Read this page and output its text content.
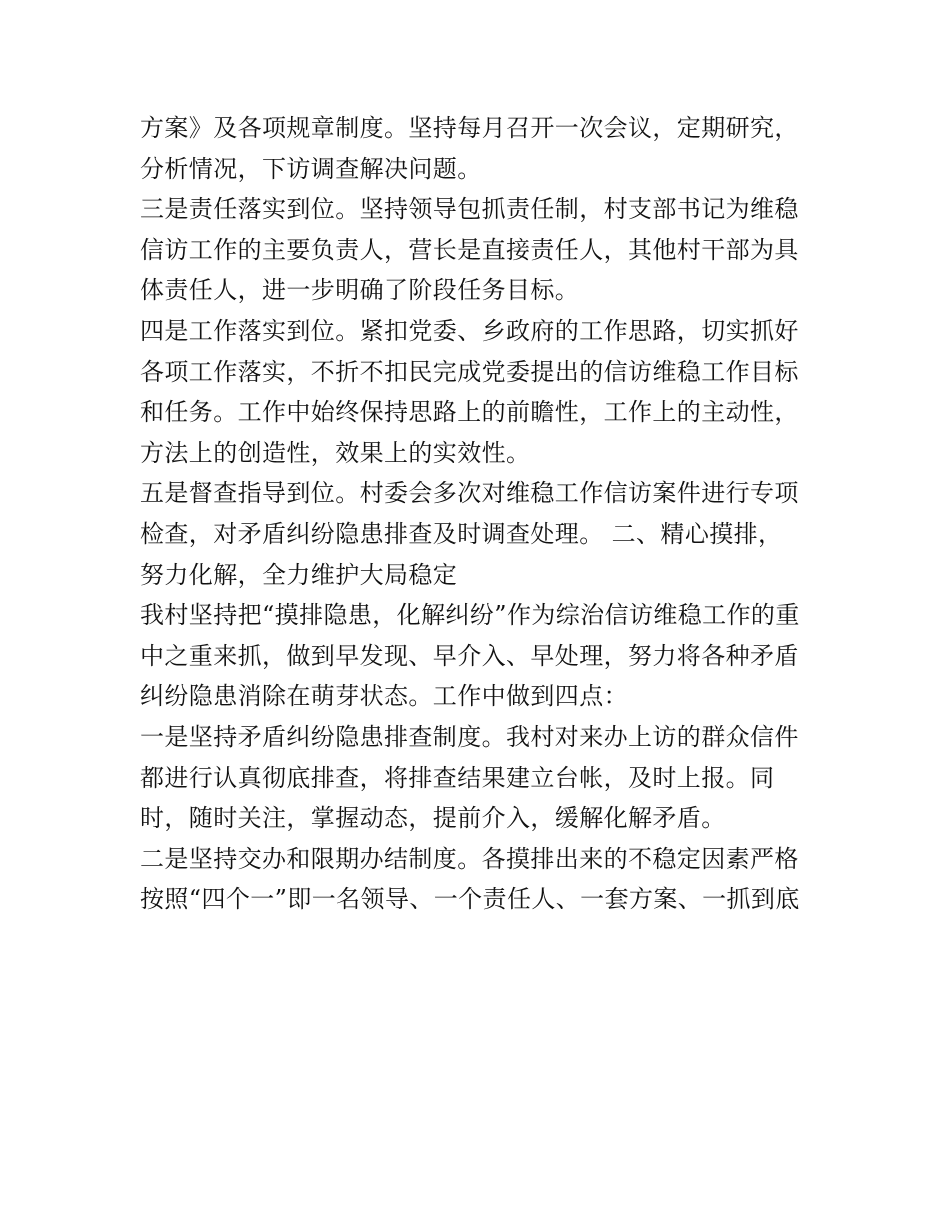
方案》及各项规章制度。坚持每月召开一次会议，定期研究，
分析情况，下访调查解决问题。
三是责任落实到位。坚持领导包抓责任制，村支部书记为维稳
信访工作的主要负责人，营长是直接责任人，其他村干部为具
体责任人，进一步明确了阶段任务目标。
四是工作落实到位。紧扣党委、乡政府的工作思路，切实抓好
各项工作落实，不折不扣民完成党委提出的信访维稳工作目标
和任务。工作中始终保持思路上的前瞻性，工作上的主动性，
方法上的创造性，效果上的实效性。
五是督查指导到位。村委会多次对维稳工作信访案件进行专项
检查，对矛盾纠纷隐患排查及时调查处理。 二、精心摸排，
努力化解，全力维护大局稳定
我村坚持把“摸排隐患，化解纠纷”作为综治信访维稳工作的重
中之重来抓，做到早发现、早介入、早处理，努力将各种矛盾
纠纷隐患消除在萌芽状态。工作中做到四点：
一是坚持矛盾纠纷隐患排查制度。我村对来办上访的群众信件
都进行认真彻底排查，将排查结果建立台帐，及时上报。同
时，随时关注，掌握动态，提前介入，缓解化解矛盾。
二是坚持交办和限期办结制度。各摸排出来的不稳定因素严格
按照“四个一”即一名领导、一个责任人、一套方案、一抓到底
